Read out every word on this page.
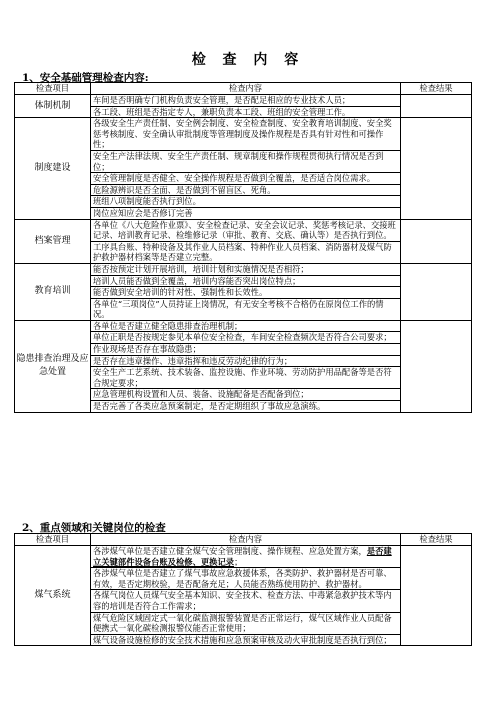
检 查 内 容
1、安全基础管理检查内容:
检查项目	检查内容	检查结果
体制机制	车间是否明确专门机构负责安全管理，是否配足相应的专业技术人员；	
	各工段、班组是否指定专人，兼职负责本工段、班组的安全管理工作。	
制度建设	各级安全生产责任制、安全例会制度、安全检查制度、安全教育培训制度、安全奖惩考核制度、安全确认审批制度等管理制度及操作规程是否具有针对性和可操作性；	
	安全生产法律法规、安全生产责任制、规章制度和操作规程贯彻执行情况是否到位；	
	安全管理制度是否健全、安全操作规程是否做到全覆盖，是否适合岗位需求。	
	危险源辨识是否全面、是否做到不留盲区、死角。	
	班组八项制度能否执行到位。	
	岗位应知应会是否修订完善	
档案管理	各单位《八大危险作业票》、安全检查记录、安全会议记录、奖惩考核记录、交接班记录、培训教育记录、检维修记录（审批、教育、交底、确认等）是否执行到位。	
	工序具台账、特种设备及其作业人员档案、特种作业人员档案、消防器材及煤气防护救护器材档案等是否建立完整。	
教育培训	能否按预定计划开展培训，培训计划和实施情况是否相符；	
	培训人员能否做到全覆盖，培训内容能否突出岗位特点；	
	能否做到安全培训的针对性、强制性和长效性。	
	各单位“三项岗位”人员持证上岗情况，有无安全考核不合格仍在原岗位工作的情况。	
隐患排查治理及应急处置	各单位是否建立健全隐患排查治理机制；	
	单位正职是否按规定参见本单位安全检查，车间安全检查频次是否符合公司要求；	
	作业现场是否存在事故隐患；	
	是否存在违章操作、违章指挥和违反劳动纪律的行为；	
	安全生产工艺系统、技术装备、监控设施、作业环境、劳动防护用品配备等是否符合规定要求；	
	应急管理机构设置和人员、装备、设施配备是否配备到位；	
	是否完善了各类应急预案制定，是否定期组织了事故应急演练。	
2、重点领域和关键岗位的检查
检查项目	检查内容	检查结果
煤气系统	各涉煤气单位是否建立健全煤气安全管理制度、操作规程、应急处置方案，是否建立关键部件设备台账及检修、更换记录；	
	各涉煤气单位是否建立了煤气事故应急救援体系，各类防护、救护器材是否可靠、有效，是否定期校验，是否配备充足；人员能否熟练使用防护、救护器材。	
	各煤气岗位人员煤气安全基本知识、安全技术、检查方法、中毒紧急救护技术等内容的培训是否符合工作需求；	
	煤气危险区域固定式一氧化碳监测报警装置是否正常运行，煤气区域作业人员配备便携式一氧化碳检测报警仪能否正常使用；	
	煤气设备设施检修的安全技术措施和应急预案审核及动火审批制度是否执行到位；	
